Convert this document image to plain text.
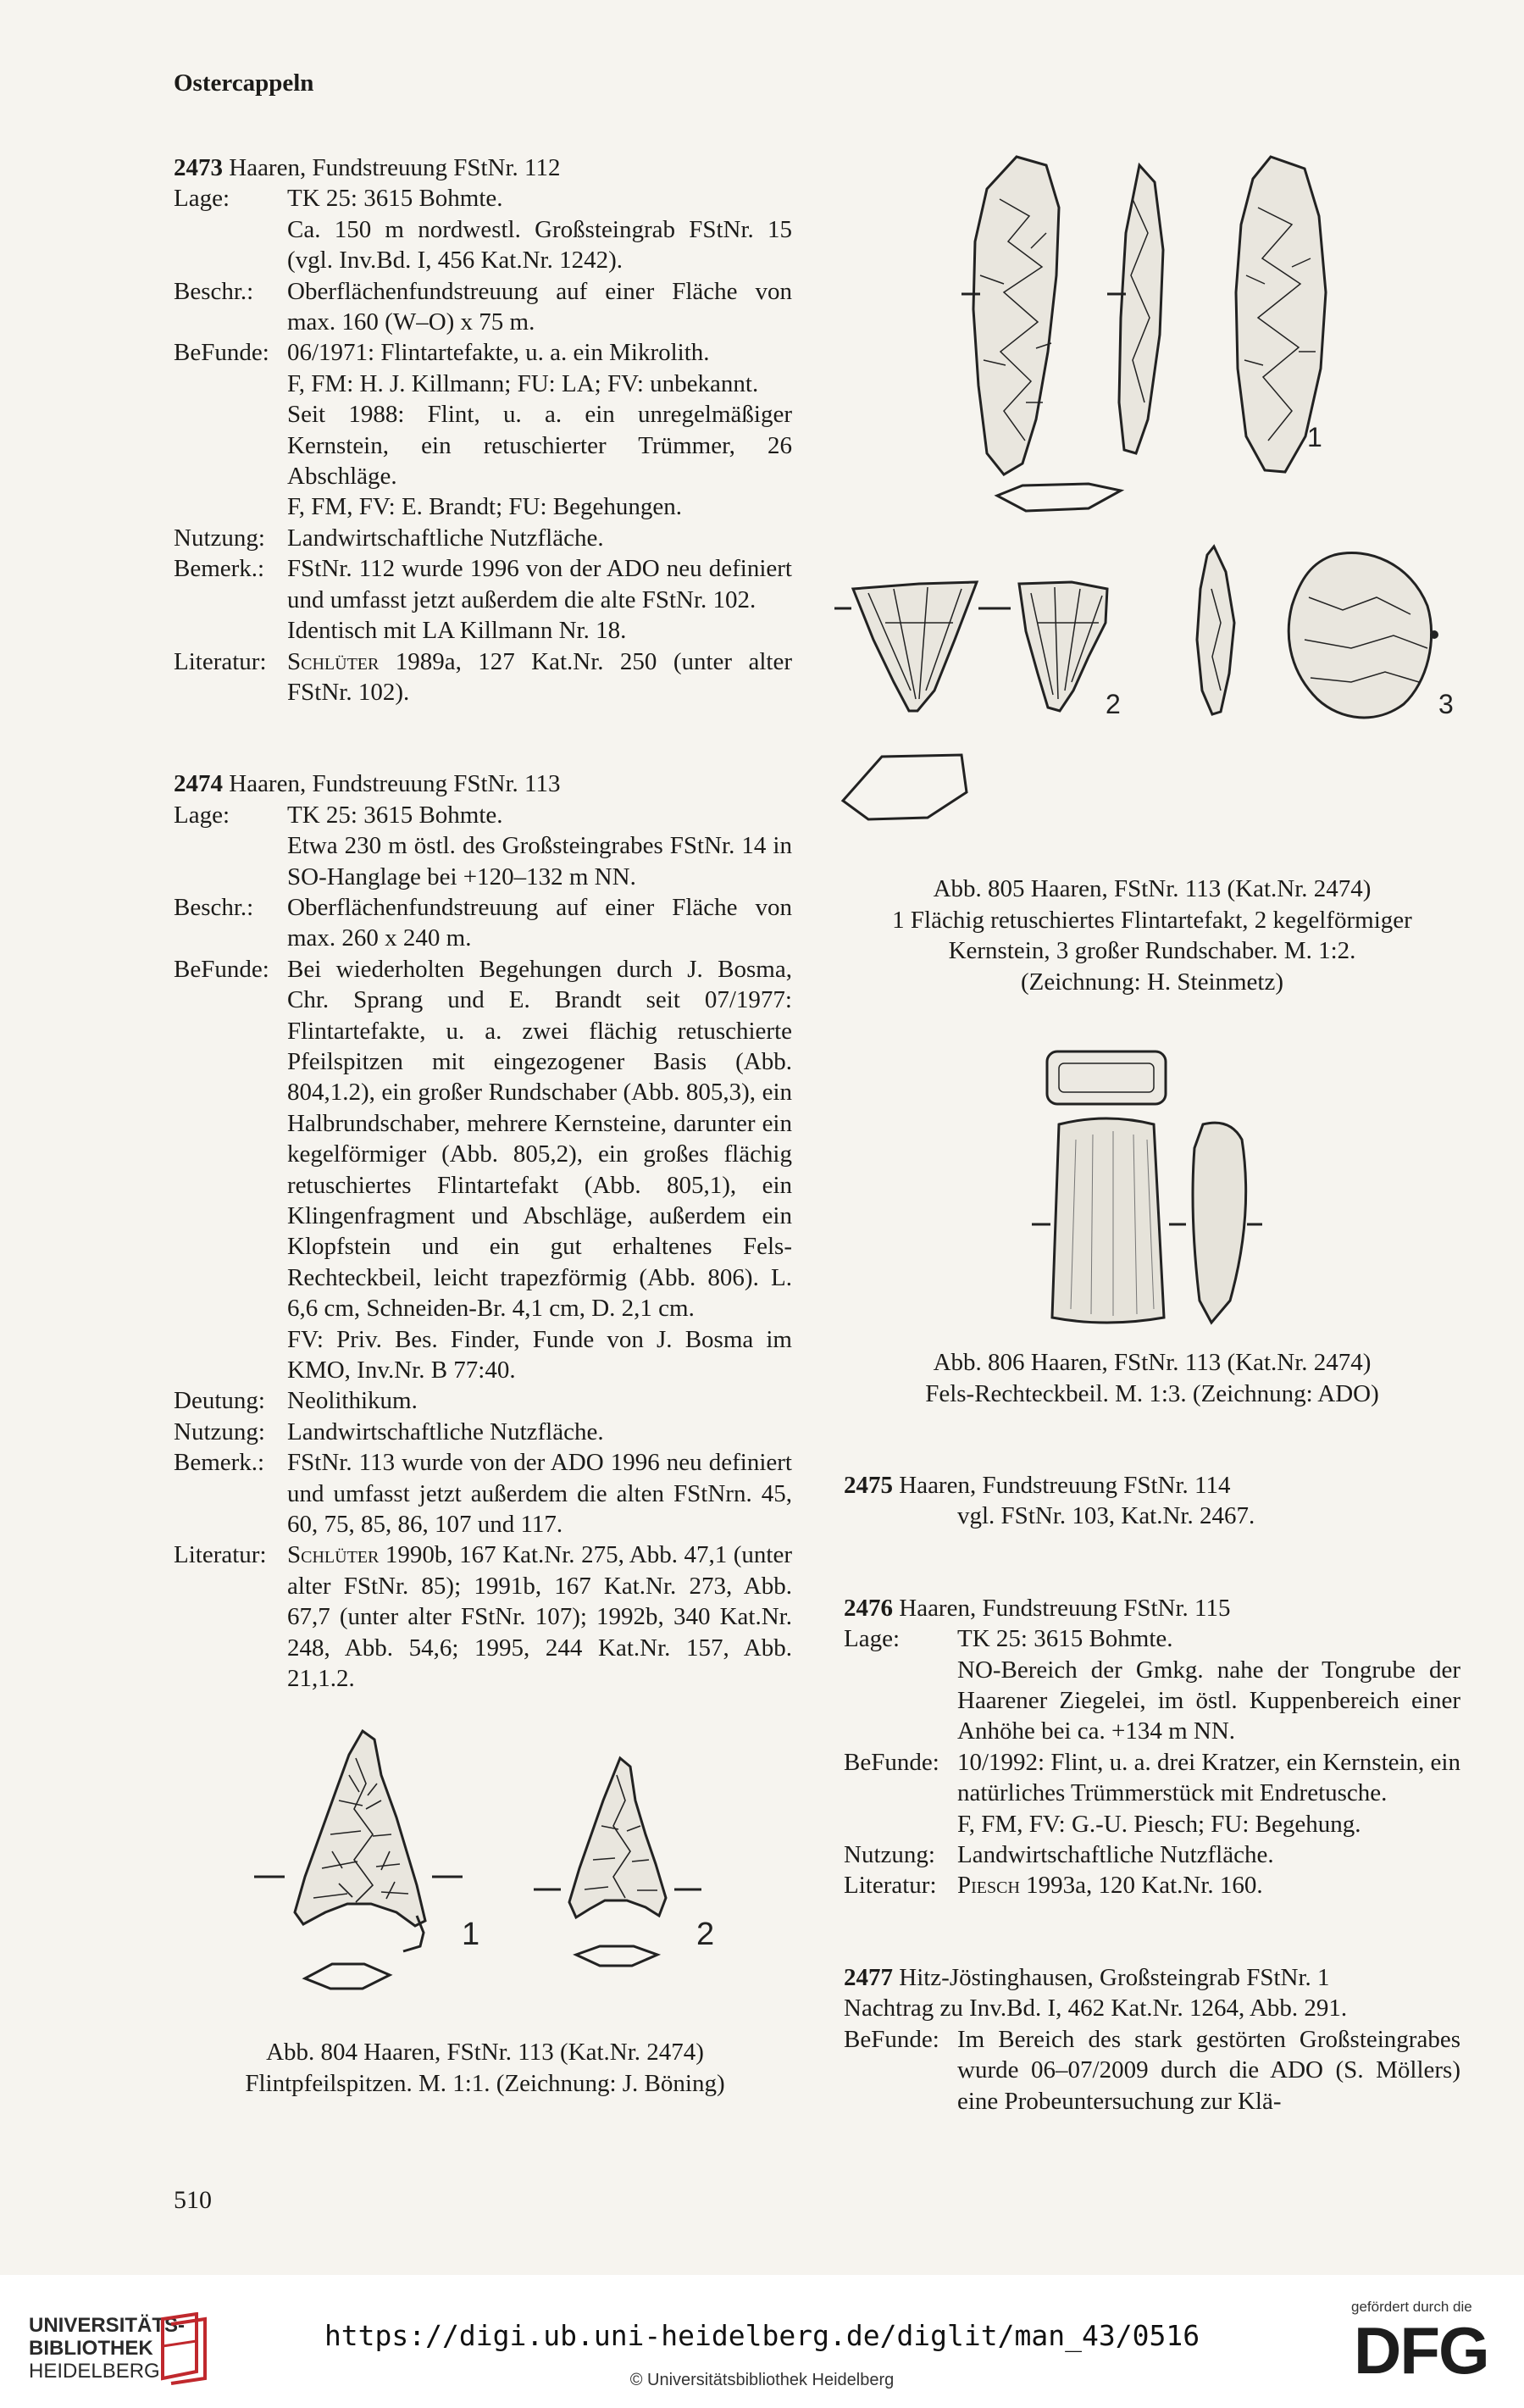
Ostercappeln

2473 Haaren, Fundstreuung FStNr. 112

Lage:	TK 25: 3615 Bohmte.

Ca. 150 m nordwestl. Großsteingrab FStNr. 15 (vgl. Inv.Bd. I, 456 Kat.Nr. 1242).

Beschr.:	Oberflächenfundstreuung auf einer Fläche von max. 160 (W–O) x 75 m.

BeFunde: 06/1971: Flintartefakte, u. a. ein Mikrolith.

F, FM: H. J. Killmann; FU: LA; FV: unbekannt.

Seit 1988: Flint, u. a. ein unregelmäßiger Kernstein, ein retuschierter Trümmer, 26 Abschläge.

F, FM, FV: E. Brandt; FU: Begehungen.

Nutzung: Landwirtschaftliche Nutzfläche.

Bemerk.: FStNr. 112 wurde 1996 von der ADO neu definiert und umfasst jetzt außerdem die alte FStNr. 102.

Identisch mit LA Killmann Nr. 18.

Literatur: Schlüter 1989a, 127 Kat.Nr. 250 (unter alter FStNr. 102).

2474 Haaren, Fundstreuung FStNr. 113

Lage:	TK 25: 3615 Bohmte.

Etwa 230 m östl. des Großsteingrabes FStNr. 14 in SO-Hanglage bei +120–132 m NN.

Beschr.:	Oberflächenfundstreuung auf einer Fläche von max. 260 x 240 m.

BeFunde: Bei wiederholten Begehungen durch J. Bosma, Chr. Sprang und E. Brandt seit 07/1977: Flintartefakte, u. a. zwei flächig retuschierte Pfeilspitzen mit eingezogener Basis (Abb. 804,1.2), ein großer Rundschaber (Abb. 805,3), ein Halbrundschaber, mehrere Kernsteine, darunter ein kegelförmiger (Abb. 805,2), ein großes flächig retuschiertes Flintartefakt (Abb. 805,1), ein Klingenfragment und Abschläge, außerdem ein Klopfstein und ein gut erhaltenes Fels-Rechteckbeil, leicht trapezförmig (Abb. 806). L. 6,6 cm, Schneiden-Br. 4,1 cm, D. 2,1 cm.

FV: Priv. Bes. Finder, Funde von J. Bosma im KMO, Inv.Nr. B 77:40.

Deutung: Neolithikum.

Nutzung: Landwirtschaftliche Nutzfläche.

Bemerk.: FStNr. 113 wurde von der ADO 1996 neu definiert und umfasst jetzt außerdem die alten FStNrn. 45, 60, 75, 85, 86, 107 und 117.

Literatur: Schlüter 1990b, 167 Kat.Nr. 275, Abb. 47,1 (unter alter FStNr. 85); 1991b, 167 Kat.Nr. 273, Abb. 67,7 (unter alter FStNr. 107); 1992b, 340 Kat.Nr. 248, Abb. 54,6; 1995, 244 Kat.Nr. 157, Abb. 21,1.2.

1	2
Abb. 804 Haaren, FStNr. 113 (Kat.Nr. 2474)
Flintpfeilspitzen. M. 1:1. (Zeichnung: J. Böning)
1
2	3
Abb. 805 Haaren, FStNr. 113 (Kat.Nr. 2474)
1 Flächig retuschiertes Flintartefakt, 2 kegelförmiger
Kernstein, 3 großer Rundschaber. M. 1:2.
(Zeichnung: H. Steinmetz)
Abb. 806 Haaren, FStNr. 113 (Kat.Nr. 2474)
Fels-Rechteckbeil. M. 1:3. (Zeichnung: ADO)

2475 Haaren, Fundstreuung FStNr. 114

vgl. FStNr. 103, Kat.Nr. 2467.

2476 Haaren, Fundstreuung FStNr. 115

Lage:	TK 25: 3615 Bohmte.

NO-Bereich der Gmkg. nahe der Tongrube der Haarener Ziegelei, im östl. Kuppenbereich einer Anhöhe bei ca. +134 m NN.

BeFunde: 10/1992: Flint, u. a. drei Kratzer, ein Kernstein, ein natürliches Trümmerstück mit Endretusche.

F, FM, FV: G.-U. Piesch; FU: Begehung.

Nutzung: Landwirtschaftliche Nutzfläche.

Literatur: Piesch 1993a, 120 Kat.Nr. 160.

2477 Hitz-Jöstinghausen, Großsteingrab FStNr. 1

Nachtrag zu Inv.Bd. I, 462 Kat.Nr. 1264, Abb. 291.

BeFunde: Im Bereich des stark gestörten Großsteingrabes wurde 06–07/2009 durch die ADO (S. Möllers) eine Probeuntersuchung zur Klä-

510
UNIVERSITÄTS-
BIBLIOTHEK
HEIDELBERG
https://digi.ub.uni-heidelberg.de/diglit/man_43/0516
© Universitätsbibliothek Heidelberg
gefördert durch die
DFG
